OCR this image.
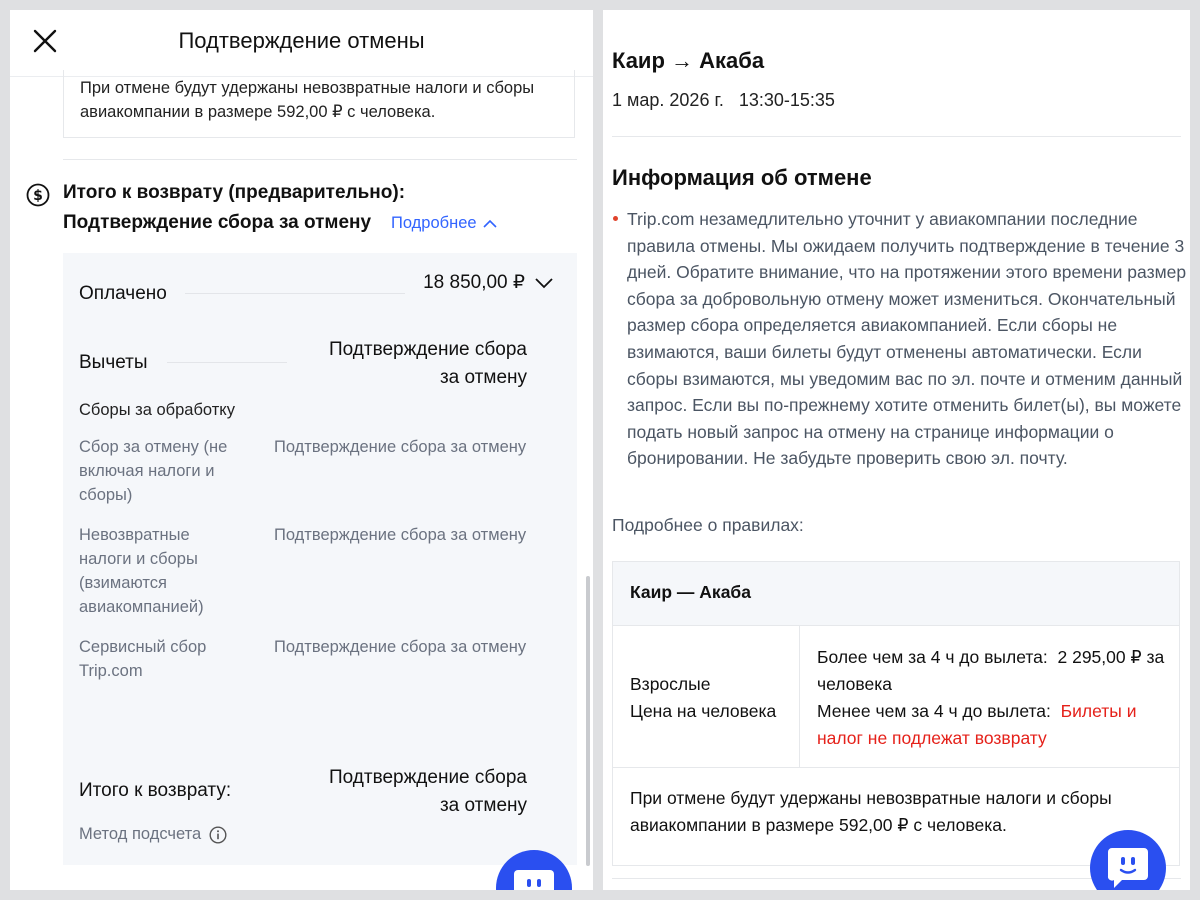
Подтверждение отмены
При отмене будут удержаны невозвратные налоги и сборы авиакомпании в размере 592,00 ₽ с человека.
$ Итого к возврату (предварительно):
Подтверждение сбора за отмену Подробнее
Оплачено
18 850,00 ₽
Вычеты
Подтверждение сбора
за отмену
Сборы за обработку
Сбор за отмену (не
включая налоги и
сборы)
Подтверждение сбора за отмену
Невозвратные
налоги и сборы
(взимаются
авиакомпанией)
Подтверждение сбора за отмену
Сервисный сбор
Trip.com
Подтверждение сбора за отмену
Итого к возврату:
Подтверждение сбора
за отмену
Метод подсчета
Каир → Акаба
1 мар. 2026 г. 13:30-15:35
Информация об отмене
Trip.com незамедлительно уточнит у авиакомпании последние правила отмены. Мы ожидаем получить подтверждение в течение 3 дней. Обратите внимание, что на протяжении этого времени размер сбора за добровольную отмену может измениться. Окончательный размер сбора определяется авиакомпанией. Если сборы не взимаются, ваши билеты будут отменены автоматически. Если сборы взимаются, мы уведомим вас по эл. почте и отменим данный запрос. Если вы по-прежнему хотите отменить билет(ы), вы можете подать новый запрос на отмену на странице информации о бронировании. Не забудьте проверить свою эл. почту.
Подробнее о правилах:
Каир — Акаба
Взрослые
Цена на человека
Более чем за 4 ч до вылета: 2 295,00 ₽ за человека
Менее чем за 4 ч до вылета: Билеты и налог не подлежат возврату
При отмене будут удержаны невозвратные налоги и сборы авиакомпании в размере 592,00 ₽ с человека.
